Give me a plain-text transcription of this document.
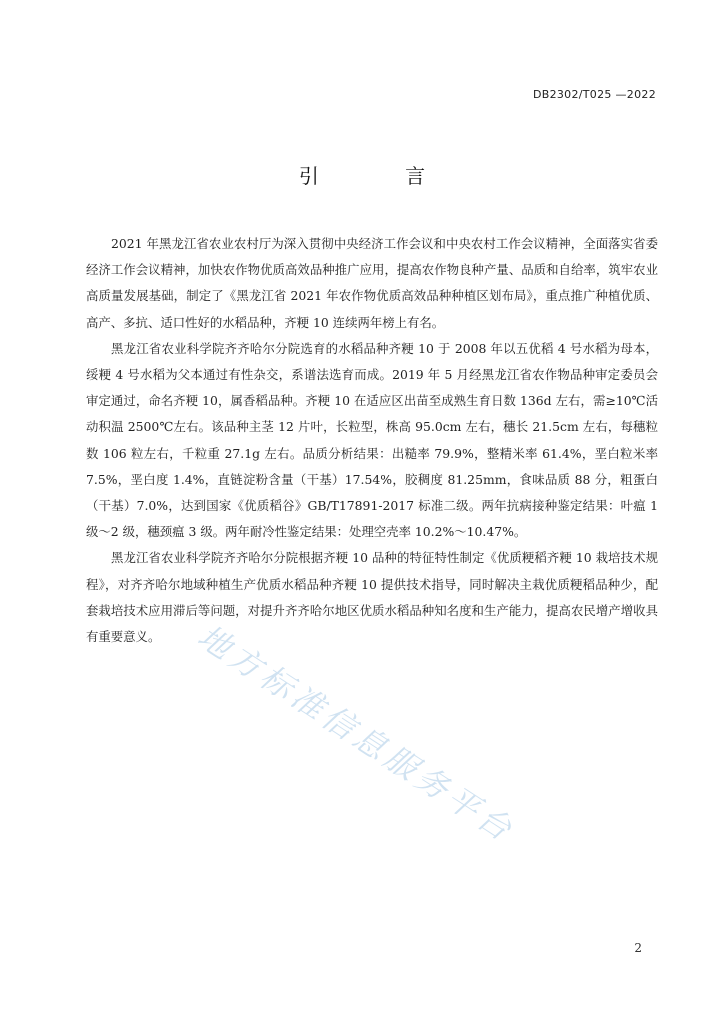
DB2302/T025 —2022
引 言

2021 年黑龙江省农业农村厅为深入贯彻中央经济工作会议和中央农村工作会议精神，全面落实省委经济工作会议精神，加快农作物优质高效品种推广应用，提高农作物良种产量、品质和自给率，筑牢农业高质量发展基础，制定了《黑龙江省 2021 年农作物优质高效品种种植区划布局》，重点推广种植优质、高产、多抗、适口性好的水稻品种，齐粳 10 连续两年榜上有名。

黑龙江省农业科学院齐齐哈尔分院选育的水稻品种齐粳 10 于 2008 年以五优稻 4 号水稻为母本，绥粳 4 号水稻为父本通过有性杂交，系谱法选育而成。2019 年 5 月经黑龙江省农作物品种审定委员会审定通过，命名齐粳 10，属香稻品种。齐粳 10 在适应区出苗至成熟生育日数 136d 左右，需≥10℃活动积温 2500℃左右。该品种主茎 12 片叶，长粒型，株高 95.0cm 左右，穗长 21.5cm 左右，每穗粒数 106 粒左右，千粒重 27.1g 左右。品质分析结果：出糙率 79.9%，整精米率 61.4%，垩白粒米率 7.5%，垩白度 1.4%，直链淀粉含量（干基）17.54%，胶稠度 81.25mm，食味品质 88 分，粗蛋白（干基）7.0%，达到国家《优质稻谷》GB/T17891-2017 标准二级。两年抗病接种鉴定结果：叶瘟 1 级～2 级，穗颈瘟 3 级。两年耐冷性鉴定结果：处理空壳率 10.2%～10.47%。

黑龙江省农业科学院齐齐哈尔分院根据齐粳 10 品种的特征特性制定《优质粳稻齐粳 10 栽培技术规程》，对齐齐哈尔地域种植生产优质水稻品种齐粳 10 提供技术指导，同时解决主栽优质粳稻品种少，配套栽培技术应用滞后等问题，对提升齐齐哈尔地区优质水稻品种知名度和生产能力，提高农民增产增收具有重要意义。 地方标准信息服务平台
2
